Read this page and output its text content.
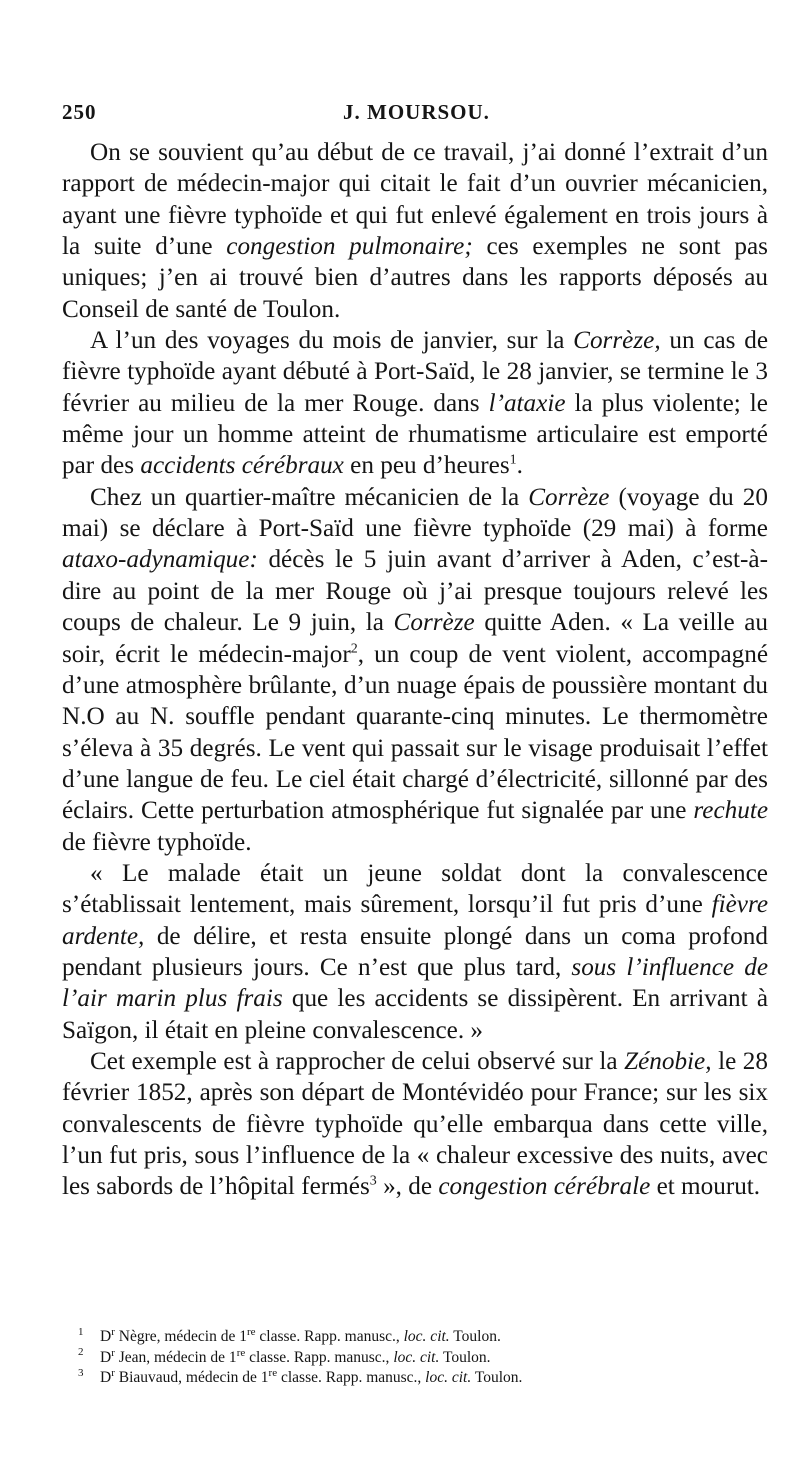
250	J. MOURSOU.

On se souvient qu’au début de ce travail, j’ai donné l’extrait d’un rapport de médecin-major qui citait le fait d’un ouvrier mécanicien, ayant une fièvre typhoïde et qui fut enlevé également en trois jours à la suite d’une congestion pulmonaire; ces exemples ne sont pas uniques; j’en ai trouvé bien d’autres dans les rapports déposés au Conseil de santé de Toulon.

A l’un des voyages du mois de janvier, sur la Corrèze, un cas de fièvre typhoïde ayant débuté à Port-Saïd, le 28 janvier, se termine le 3 février au milieu de la mer Rouge. dans l’ataxie la plus violente; le même jour un homme atteint de rhumatisme articulaire est emporté par des accidents cérébraux en peu d’heures$^1$.

Chez un quartier-maître mécanicien de la Corrèze (voyage du 20 mai) se déclare à Port-Saïd une fièvre typhoïde (29 mai) à forme ataxo-adynamique: décès le 5 juin avant d’arriver à Aden, c’est-à-dire au point de la mer Rouge où j’ai presque toujours relevé les coups de chaleur. Le 9 juin, la Corrèze quitte Aden. « La veille au soir, écrit le médecin-major$^2$, un coup de vent violent, accompagné d’une atmosphère brûlante, d’un nuage épais de poussière montant du N.O au N. souffle pendant quarante-cinq minutes. Le thermomètre s’éleva à 35 degrés. Le vent qui passait sur le visage produisait l’effet d’une langue de feu. Le ciel était chargé d’électricité, sillonné par des éclairs. Cette perturbation atmosphérique fut signalée par une rechute de fièvre typhoïde.

« Le malade était un jeune soldat dont la convalescence s’établissait lentement, mais sûrement, lorsqu’il fut pris d’une fièvre ardente, de délire, et resta ensuite plongé dans un coma profond pendant plusieurs jours. Ce n’est que plus tard, sous l’influence de l’air marin plus frais que les accidents se dissipèrent. En arrivant à Saïgon, il était en pleine convalescence. »

Cet exemple est à rapprocher de celui observé sur la Zénobie, le 28 février 1852, après son départ de Montévidéo pour France; sur les six convalescents de fièvre typhoïde qu’elle embarqua dans cette ville, l’un fut pris, sous l’influence de la « chaleur excessive des nuits, avec les sabords de l’hôpital fermés$^3$ », de congestion cérébrale et mourut.

$^1$ $D^r$ Nègre, médecin de 1re classe. Rapp. manusc., loc. cit. Toulon.
$^2$ $D^r$ Jean, médecin de 1re classe. Rapp. manusc., loc. cit. Toulon.
$^3$ $D^r$ Biauvaud, médecin de 1re classe. Rapp. manusc., loc. cit. Toulon.
